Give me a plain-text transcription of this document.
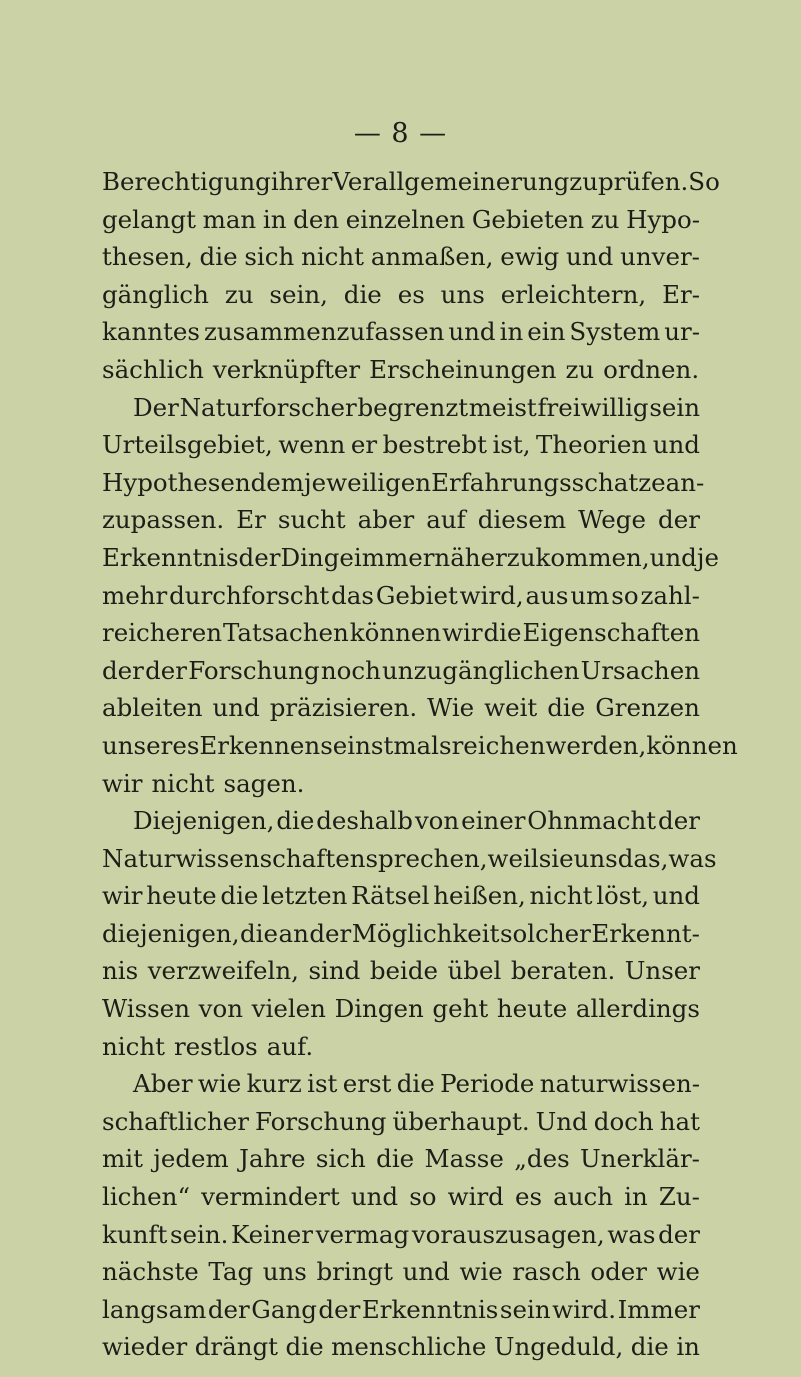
— 8 —
Berechtigung ihrer Verallgemeinerung zu prüfen. So
gelangt man in den einzelnen Gebieten zu Hypo-
thesen, die sich nicht anmaßen, ewig und unver-
gänglich zu sein, die es uns erleichtern, Er-
kanntes zusammenzufassen und in ein System ur-
sächlich verknüpfter Erscheinungen zu ordnen.
Der Naturforscher begrenzt meist freiwillig sein
Urteilsgebiet, wenn er bestrebt ist, Theorien und
Hypothesen dem jeweiligen Erfahrungsschatze an-
zupassen. Er sucht aber auf diesem Wege der
Erkenntnis der Dinge immer näherzukommen, und je
mehr durchforscht das Gebiet wird, aus um so zahl-
reicheren Tatsachen können wir die Eigenschaften
der der Forschung noch unzugänglichen Ursachen
ableiten und präzisieren. Wie weit die Grenzen
unseres Erkennens einstmals reichen werden, können
wir nicht sagen.
Diejenigen, die deshalb von einer Ohnmacht der
Naturwissenschaften sprechen, weil sie uns das, was
wir heute die letzten Rätsel heißen, nicht löst, und
diejenigen, die an der Möglichkeit solcher Erkennt-
nis verzweifeln, sind beide übel beraten. Unser
Wissen von vielen Dingen geht heute allerdings
nicht restlos auf.
Aber wie kurz ist erst die Periode naturwissen-
schaftlicher Forschung überhaupt. Und doch hat
mit jedem Jahre sich die Masse „des Unerklär-
lichen“ vermindert und so wird es auch in Zu-
kunft sein. Keiner vermag vorauszusagen, was der
nächste Tag uns bringt und wie rasch oder wie
langsam der Gang der Erkenntnis sein wird. Immer
wieder drängt die menschliche Ungeduld, die in
